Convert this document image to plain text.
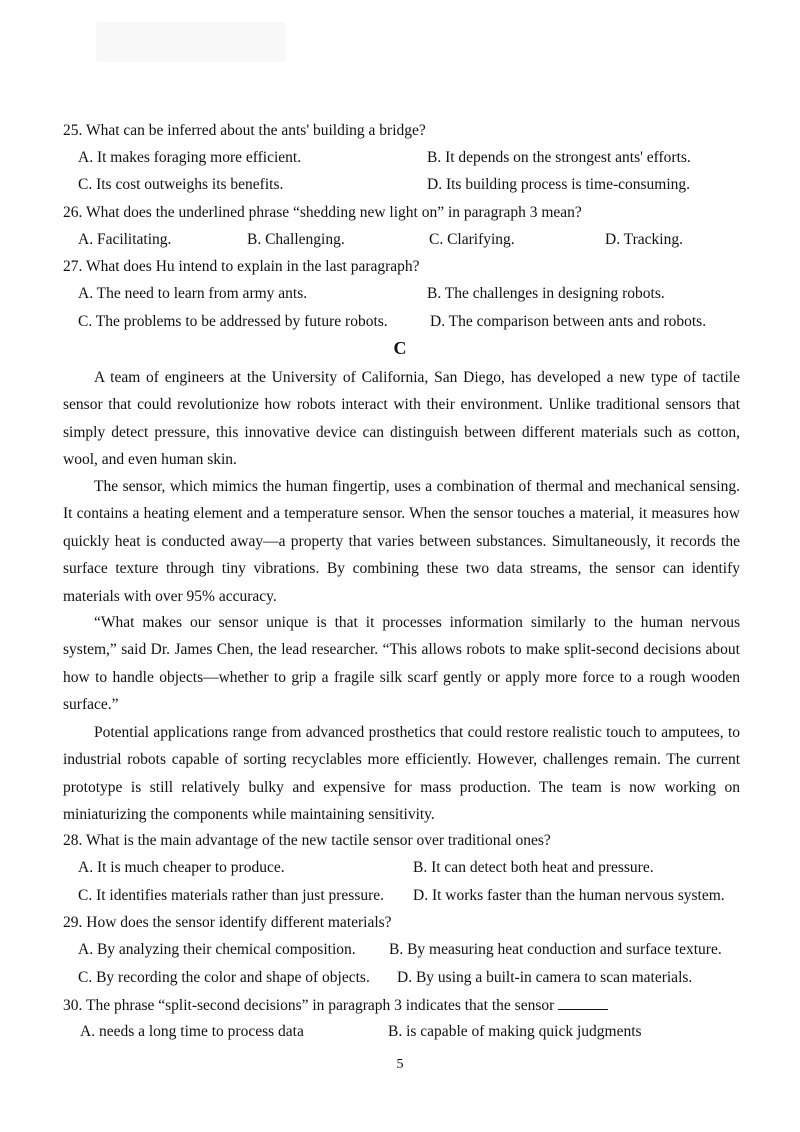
25. What can be inferred about the ants' building a bridge?
A. It makes foraging more efficient.	B. It depends on the strongest ants' efforts.
C. Its cost outweighs its benefits.	D. Its building process is time-consuming.
26. What does the underlined phrase “shedding new light on” in paragraph 3 mean?
A. Facilitating.	B. Challenging.	C. Clarifying.	D. Tracking.
27. What does Hu intend to explain in the last paragraph?
A. The need to learn from army ants.	B. The challenges in designing robots.
C. The problems to be addressed by future robots.	D. The comparison between ants and robots.
C
A team of engineers at the University of California, San Diego, has developed a new type of tactile sensor that could revolutionize how robots interact with their environment. Unlike traditional sensors that simply detect pressure, this innovative device can distinguish between different materials such as cotton, wool, and even human skin.
The sensor, which mimics the human fingertip, uses a combination of thermal and mechanical sensing. It contains a heating element and a temperature sensor. When the sensor touches a material, it measures how quickly heat is conducted away—a property that varies between substances. Simultaneously, it records the surface texture through tiny vibrations. By combining these two data streams, the sensor can identify materials with over 95% accuracy.
“What makes our sensor unique is that it processes information similarly to the human nervous system,” said Dr. James Chen, the lead researcher. “This allows robots to make split-second decisions about how to handle objects—whether to grip a fragile silk scarf gently or apply more force to a rough wooden surface.”
Potential applications range from advanced prosthetics that could restore realistic touch to amputees, to industrial robots capable of sorting recyclables more efficiently. However, challenges remain. The current prototype is still relatively bulky and expensive for mass production. The team is now working on miniaturizing the components while maintaining sensitivity.
28. What is the main advantage of the new tactile sensor over traditional ones?
A. It is much cheaper to produce.	B. It can detect both heat and pressure.
C. It identifies materials rather than just pressure. D. It works faster than the human nervous system.
29. How does the sensor identify different materials?
A. By analyzing their chemical composition. B. By measuring heat conduction and surface texture.
C. By recording the color and shape of objects. D. By using a built-in camera to scan materials.
30. The phrase “split-second decisions” in paragraph 3 indicates that the sensor
A. needs a long time to process data	B. is capable of making quick judgments
5
